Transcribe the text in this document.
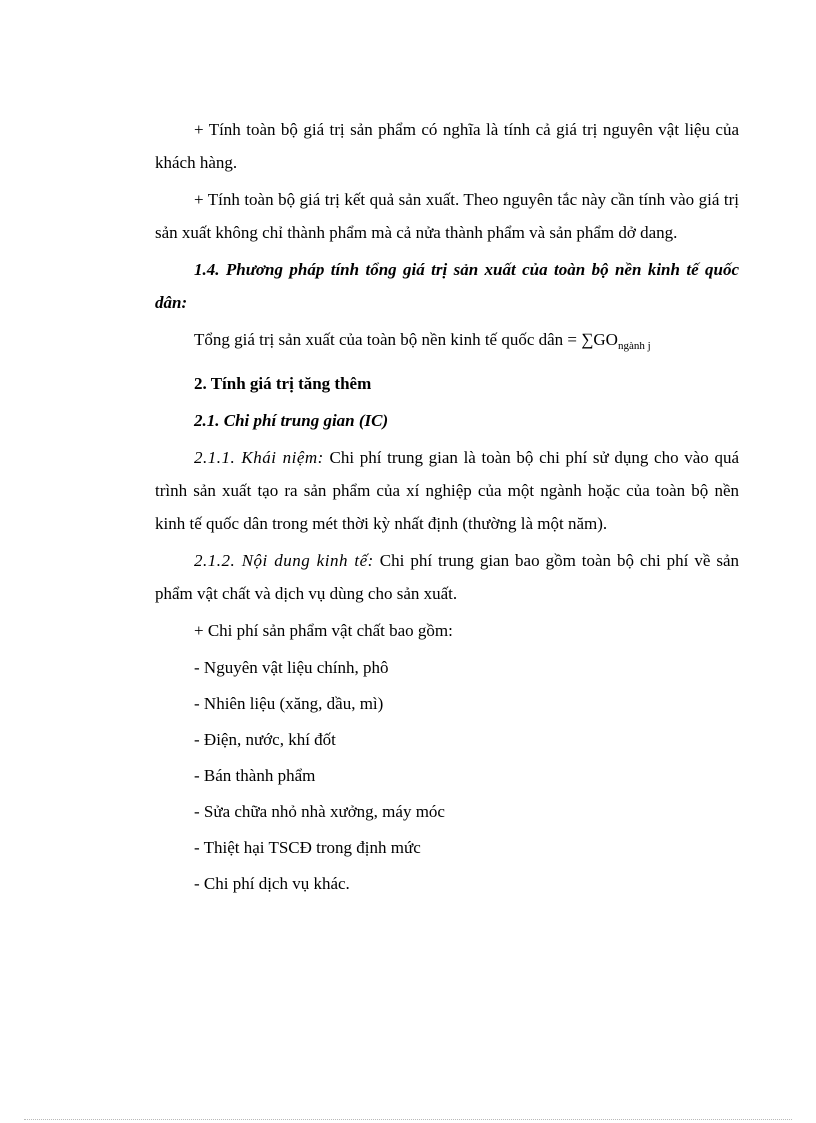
+ Tính toàn bộ giá trị sản phẩm có nghĩa là tính cả giá trị nguyên vật liệu của khách hàng.

+ Tính toàn bộ giá trị kết quả sản xuất. Theo nguyên tắc này cần tính vào giá trị sản xuất không chỉ thành phẩm mà cả nửa thành phẩm và sản phẩm dở dang.

1.4. Phương pháp tính tổng giá trị sản xuất của toàn bộ nền kinh tế quốc dân:

Tổng giá trị sản xuất của toàn bộ nền kinh tế quốc dân = $\sum GO_{ngành j}$

2. Tính giá trị tăng thêm

2.1. Chi phí trung gian (IC)

2.1.1. Khái niệm: Chi phí trung gian là toàn bộ chi phí sử dụng cho vào quá trình sản xuất tạo ra sản phẩm của xí nghiệp của một ngành hoặc của toàn bộ nền kinh tế quốc dân trong mét thời kỳ nhất định (thường là một năm).

2.1.2. Nội dung kinh tế: Chi phí trung gian bao gồm toàn bộ chi phí về sản phẩm vật chất và dịch vụ dùng cho sản xuất.

+ Chi phí sản phẩm vật chất bao gồm:

- Nguyên vật liệu chính, phô
- Nhiên liệu (xăng, dầu, mì)
- Điện, nước, khí đốt
- Bán thành phẩm
- Sửa chữa nhỏ nhà xưởng, máy móc
- Thiệt hại TSCĐ trong định mức
- Chi phí dịch vụ khác.
